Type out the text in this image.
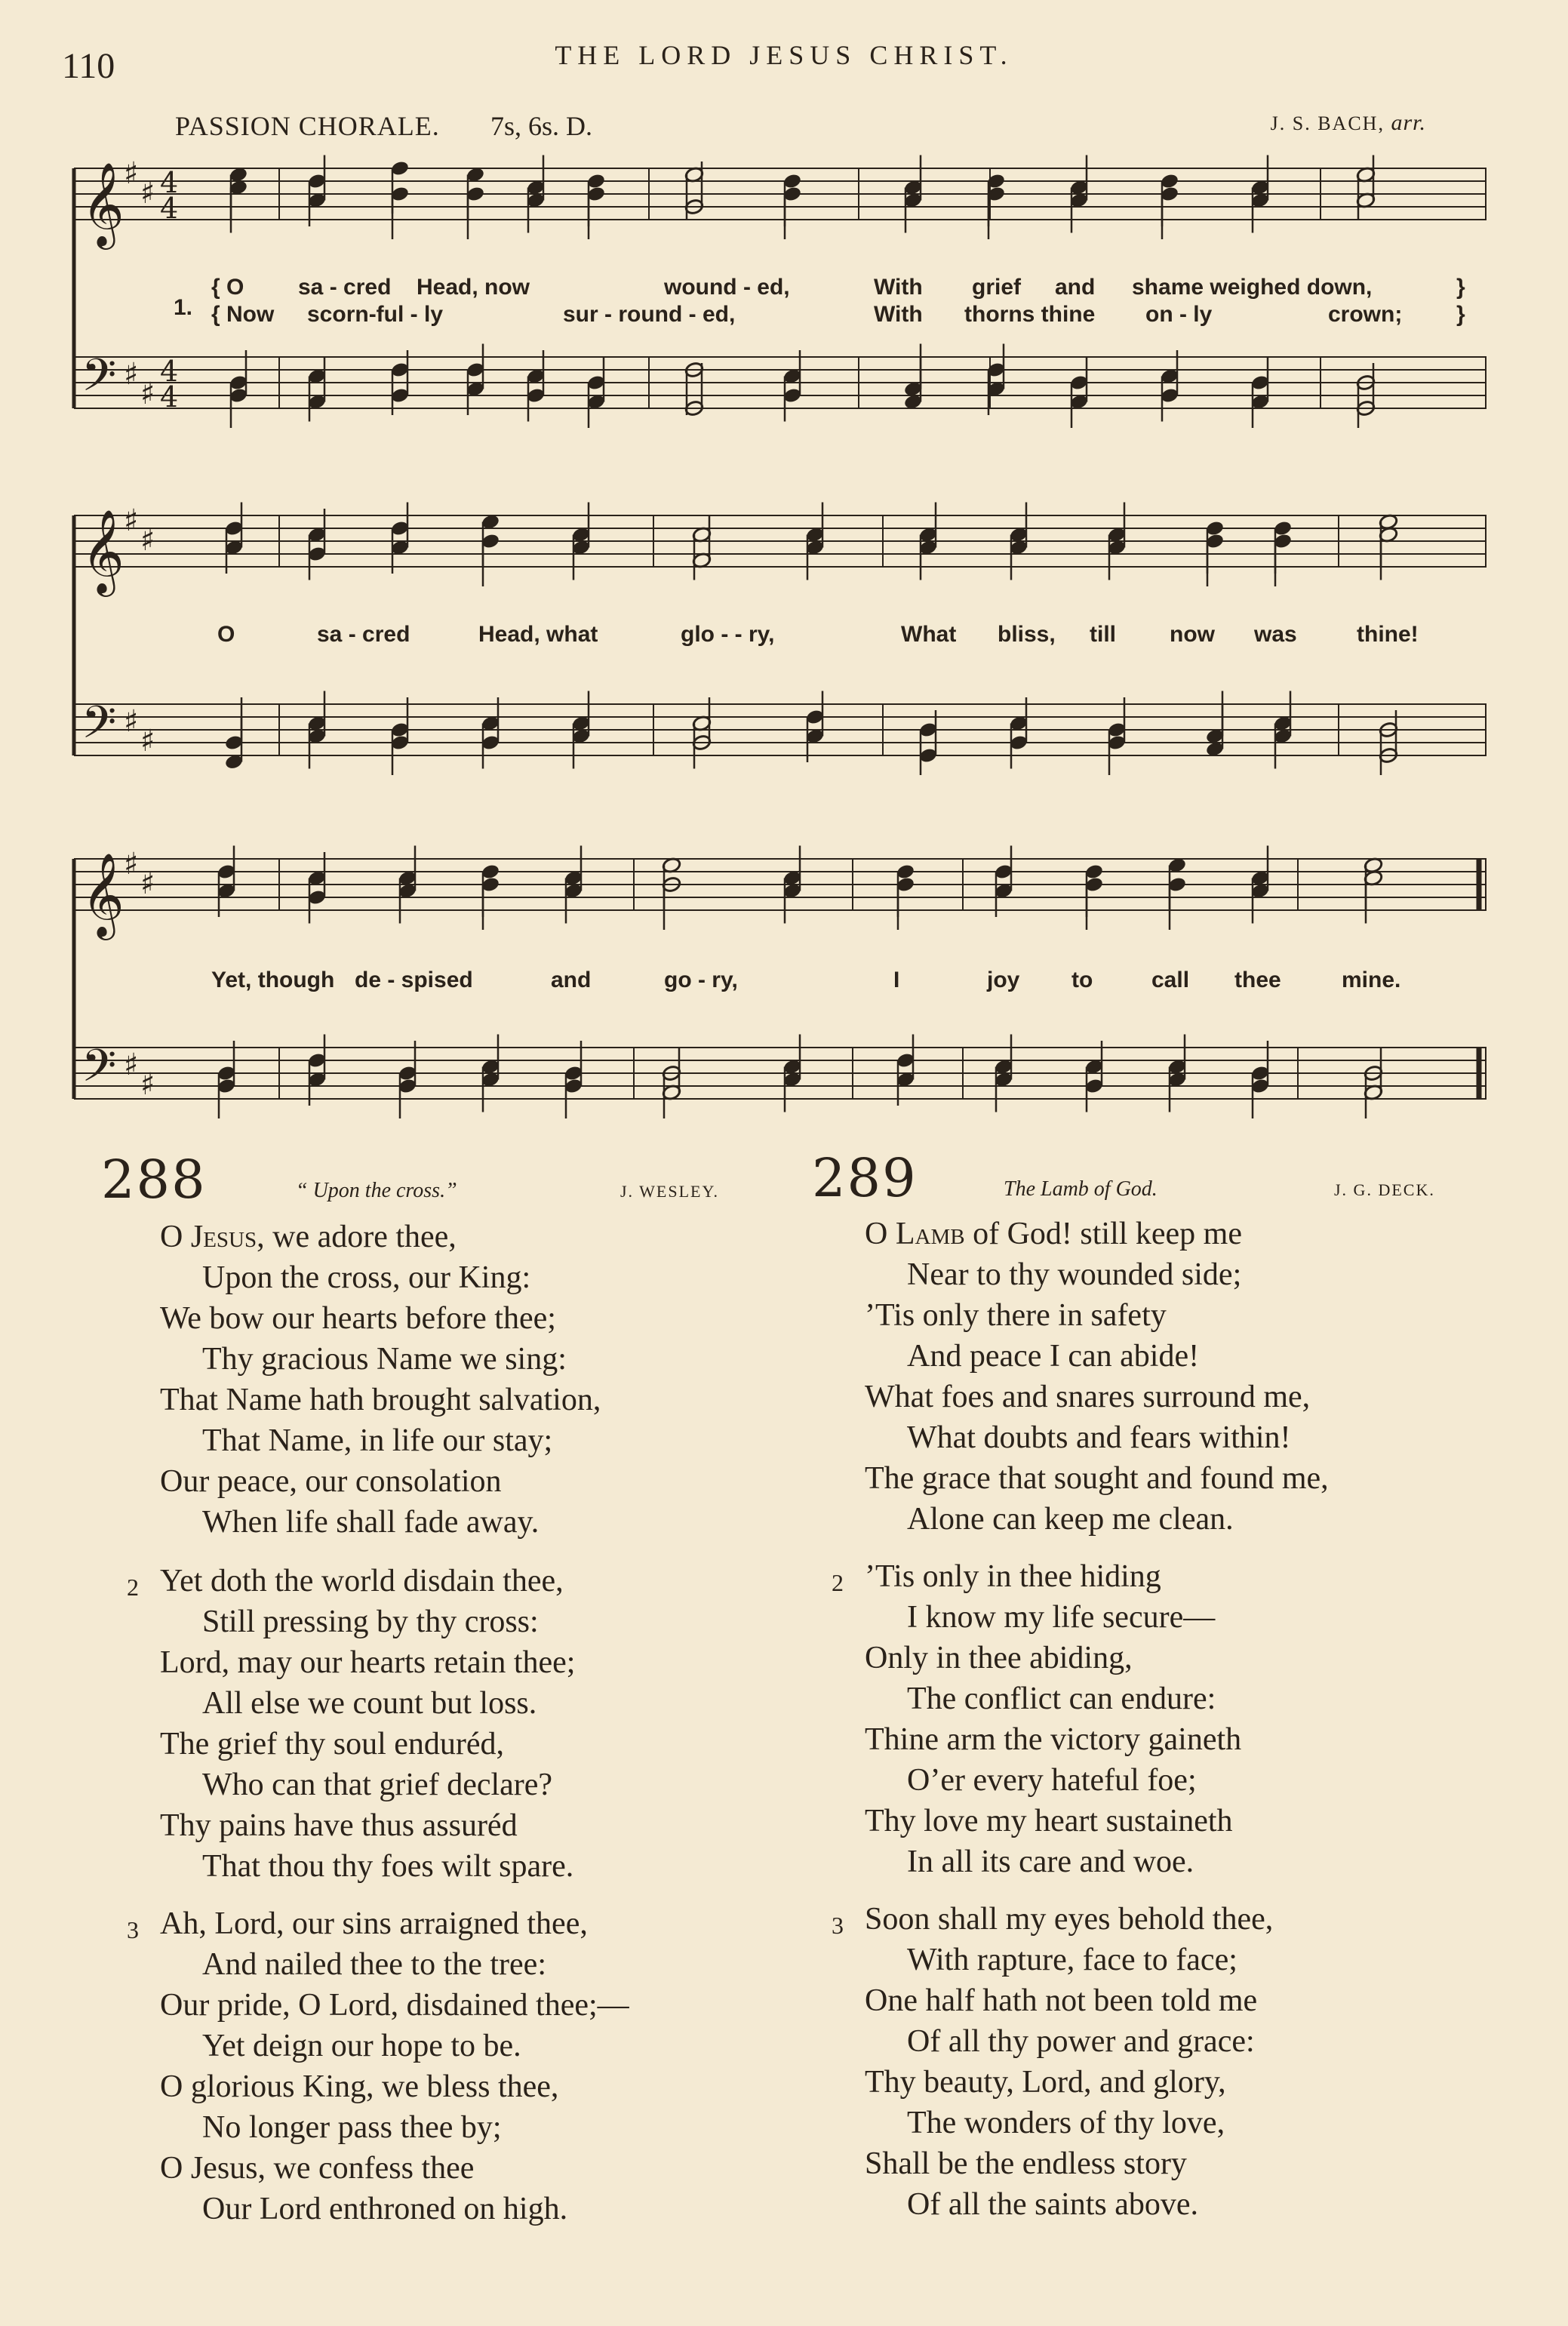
110	THE LORD JESUS CHRIST.
PASSION CHORALE. 7s, 6s. D.	J. S. BACH, arr.
𝄞 ♯
♯ 4
4
𝄢 ♯
♯
4
4
1.
𝄞 ♯
♯
𝄢 ♯
♯
𝄞 ♯
♯
𝄢 ♯
♯
{ O sa - cred Head, now	wound - ed,	With grief and shame weighed down,	}
{ Now scorn-ful - ly	sur - round - ed,	With thorns thine on - ly	crown; }
O	sa - cred	Head, what	glo - - ry,	What bliss, till now was	thine!
Yet, though de - spised	and	go - ry,	I	joy to	call thee	mine.
288	“ Upon the cross.”	J. WESLEY.
O Jesus, we adore thee,
Upon the cross, our King:
We bow our hearts before thee;
Thy gracious Name we sing:
That Name hath brought salvation,
That Name, in life our stay;
Our peace, our consolation
When life shall fade away.
2 Yet doth the world disdain thee,
Still pressing by thy cross:
Lord, may our hearts retain thee;
All else we count but loss.
The grief thy soul enduréd,
Who can that grief declare?
Thy pains have thus assuréd
That thou thy foes wilt spare.
3 Ah, Lord, our sins arraigned thee,
And nailed thee to the tree:
Our pride, O Lord, disdained thee;—
Yet deign our hope to be.
O glorious King, we bless thee,
No longer pass thee by;
O Jesus, we confess thee
Our Lord enthroned on high.
289	The Lamb of God.	J. G. DECK.
O Lamb of God! still keep me
Near to thy wounded side;
’Tis only there in safety
And peace I can abide!
What foes and snares surround me,
What doubts and fears within!
The grace that sought and found me,
Alone can keep me clean.
2 ’Tis only in thee hiding
I know my life secure—
Only in thee abiding,
The conflict can endure:
Thine arm the victory gaineth
O’er every hateful foe;
Thy love my heart sustaineth
In all its care and woe.
3 Soon shall my eyes behold thee,
With rapture, face to face;
One half hath not been told me
Of all thy power and grace:
Thy beauty, Lord, and glory,
The wonders of thy love,
Shall be the endless story
Of all the saints above.
